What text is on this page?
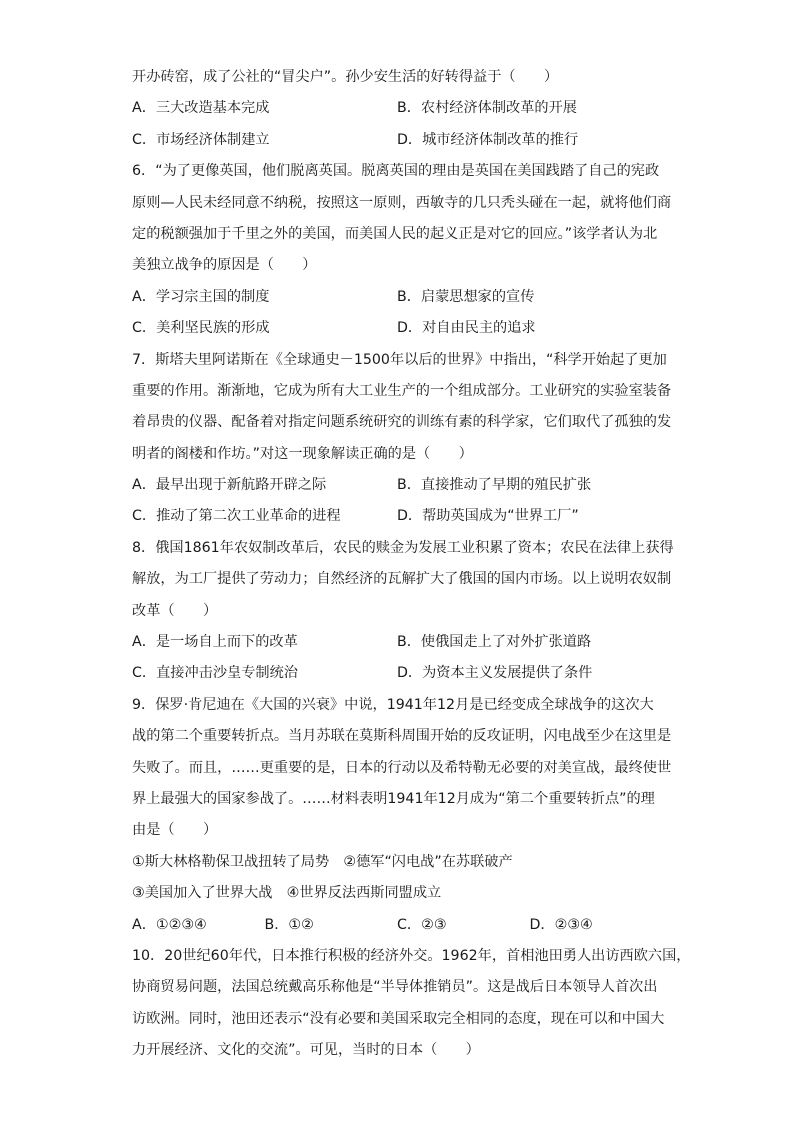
开办砖窑，成了公社的“冒尖户”。孙少安生活的好转得益于（　　）
A．三大改造基本完成	B．农村经济体制改革的开展
C．市场经济体制建立	D．城市经济体制改革的推行
6．“为了更像英国，他们脱离英国。脱离英国的理由是英国在美国践踏了自己的宪政
原则—人民未经同意不纳税，按照这一原则，西敏寺的几只秃头碰在一起，就将他们商
定的税额强加于千里之外的美国，而美国人民的起义正是对它的回应。”该学者认为北
美独立战争的原因是（　　）
A．学习宗主国的制度	B．启蒙思想家的宣传
C．美利坚民族的形成	D．对自由民主的追求
7．斯塔夫里阿诺斯在《全球通史－1500年以后的世界》中指出，“科学开始起了更加
重要的作用。渐渐地，它成为所有大工业生产的一个组成部分。工业研究的实验室装备
着昂贵的仪器、配备着对指定问题系统研究的训练有素的科学家，它们取代了孤独的发
明者的阁楼和作坊。”对这一现象解读正确的是（　　）
A．最早出现于新航路开辟之际	B．直接推动了早期的殖民扩张
C．推动了第二次工业革命的进程	D．帮助英国成为“世界工厂”
8．俄国1861年农奴制改革后，农民的赎金为发展工业积累了资本；农民在法律上获得
解放，为工厂提供了劳动力；自然经济的瓦解扩大了俄国的国内市场。以上说明农奴制
改革（　　）
A．是一场自上而下的改革	B．使俄国走上了对外扩张道路
C．直接冲击沙皇专制统治	D．为资本主义发展提供了条件
9．保罗·肯尼迪在《大国的兴衰》中说，1941年12月是已经变成全球战争的这次大
战的第二个重要转折点。当月苏联在莫斯科周围开始的反攻证明，闪电战至少在这里是
失败了。而且，……更重要的是，日本的行动以及希特勒无必要的对美宣战，最终使世
界上最强大的国家参战了。……材料表明1941年12月成为“第二个重要转折点”的理
由是（　　）
①斯大林格勒保卫战扭转了局势　②德军“闪电战”在苏联破产
③美国加入了世界大战　④世界反法西斯同盟成立
A．①②③④	B．①②	C．②③	D．②③④
10．20世纪60年代，日本推行积极的经济外交。1962年，首相池田勇人出访西欧六国，
协商贸易问题，法国总统戴高乐称他是“半导体推销员”。这是战后日本领导人首次出
访欧洲。同时，池田还表示“没有必要和美国采取完全相同的态度，现在可以和中国大
力开展经济、文化的交流”。可见，当时的日本（　　）
